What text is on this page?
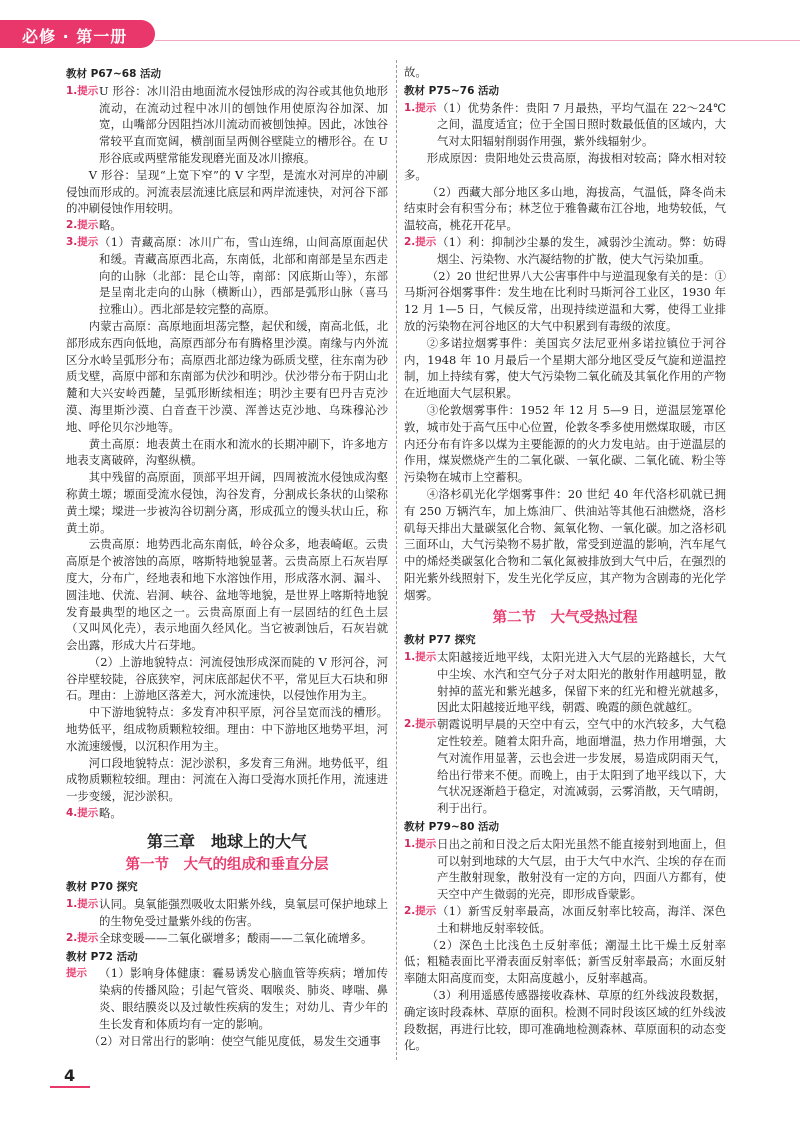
必修 · 第一册
教材 P67~68 活动
1.提示 U 形谷：冰川沿由地面流水侵蚀形成的沟谷或其他负地形流动，在流动过程中冰川的刨蚀作用使原沟谷加深、加宽，山嘴部分因阻挡冰川流动而被刨蚀掉。因此，冰蚀谷常较平直而宽阔，横剖面呈两侧谷壁陡立的槽形谷。在 U 形谷底或两壁常能发现磨光面及冰川擦痕。

V 形谷：呈现“上宽下窄”的 V 字型，是流水对河岸的冲刷侵蚀而形成的。河流表层流速比底层和两岸流速快，对河谷下部的冲刷侵蚀作用较明。

2.提示 略。
3.提示 （1）青藏高原：冰川广布，雪山连绵，山间高原面起伏和缓。青藏高原西北高，东南低，北部和南部是呈东西走向的山脉（北部：昆仑山等，南部：冈底斯山等），东部是呈南北走向的山脉（横断山），西部是弧形山脉（喜马拉雅山）。西北部是较完整的高原。

内蒙古高原：高原地面坦荡完整，起伏和缓，南高北低，北部形成东西向低地，高原西部分布有腾格里沙漠。南缘与内外流区分水岭呈弧形分布；高原西北部边缘为砾质戈壁，往东南为砂质戈壁，高原中部和东南部为伏沙和明沙。伏沙带分布于阴山北麓和大兴安岭西麓，呈弧形断续相连；明沙主要有巴丹吉克沙漠、海里斯沙漠、白音查干沙漠、浑善达克沙地、乌珠穆沁沙地、呼伦贝尔沙地等。

黄土高原：地表黄土在雨水和流水的长期冲刷下，许多地方地表支离破碎，沟壑纵横。

其中残留的高原面，顶部平坦开阔，四周被流水侵蚀成沟壑称黄土塬；塬面受流水侵蚀，沟谷发育，分割成长条状的山梁称黄土墚；墚进一步被沟谷切割分离，形成孤立的馒头状山丘，称黄土峁。

云贵高原：地势西北高东南低，岭谷众多，地表崎岖。云贵高原是个被溶蚀的高原，喀斯特地貌显著。云贵高原上石灰岩厚度大，分布广，经地表和地下水溶蚀作用，形成落水洞、漏斗、圆洼地、伏流、岩洞、峡谷、盆地等地貌，是世界上喀斯特地貌发育最典型的地区之一。云贵高原面上有一层固结的红色土层（又叫风化壳），表示地面久经风化。当它被剥蚀后，石灰岩就会出露，形成大片石芽地。

（2）上游地貌特点：河流侵蚀形成深而陡的 V 形河谷，河谷岸壁较陡，谷底狭窄，河床底部起伏不平，常见巨大石块和卵石。理由：上游地区落差大，河水流速快，以侵蚀作用为主。

中下游地貌特点：多发育冲积平原，河谷呈宽而浅的槽形。地势低平，组成物质颗粒较细。理由：中下游地区地势平坦，河水流速缓慢，以沉积作用为主。

河口段地貌特点：泥沙淤积，多发育三角洲。地势低平，组成物质颗粒较细。理由：河流在入海口受海水顶托作用，流速进一步变缓，泥沙淤积。

4.提示 略。
第三章　地球上的大气
第一节　大气的组成和垂直分层
教材 P70 探究
1.提示 认同。臭氧能强烈吸收太阳紫外线，臭氧层可保护地球上的生物免受过量紫外线的伤害。
2.提示 全球变暖——二氧化碳增多；酸雨——二氧化硫增多。
教材 P72 活动
提示 （1）影响身体健康：霾易诱发心脑血管等疾病；增加传染病的传播风险；引起气管炎、咽喉炎、肺炎、哮喘、鼻炎、眼结膜炎以及过敏性疾病的发生；对幼儿、青少年的生长发育和体质均有一定的影响。

（2）对日常出行的影响：使空气能见度低，易发生交通事

故。

教材 P75~76 活动
1.提示 （1）优势条件：贵阳 7 月最热，平均气温在 22～24℃之间，温度适宜；位于全国日照时数最低值的区域内，大气对太阳辐射削弱作用强，紫外线辐射少。

形成原因：贵阳地处云贵高原，海拔相对较高；降水相对较多。

（2）西藏大部分地区多山地，海拔高，气温低，降冬尚未结束时会有积雪分布；林芝位于雅鲁藏布江谷地，地势较低，气温较高，桃花开花早。

2.提示 （1）利：抑制沙尘暴的发生，减弱沙尘流动。弊：妨碍烟尘、污染物、水汽凝结物的扩散，使大气污染加重。

（2）20 世纪世界八大公害事件中与逆温现象有关的是：①马斯河谷烟雾事件：发生地在比利时马斯河谷工业区，1930 年 12 月 1—5 日，气候反常，出现持续逆温和大雾，使得工业排放的污染物在河谷地区的大气中积累到有毒级的浓度。

②多诺拉烟雾事件：美国宾夕法尼亚州多诺拉镇位于河谷内，1948 年 10 月最后一个星期大部分地区受反气旋和逆温控制，加上持续有雾，使大气污染物二氧化硫及其氧化作用的产物在近地面大气层积累。

③伦敦烟雾事件：1952 年 12 月 5—9 日，逆温层笼罩伦敦，城市处于高气压中心位置，伦敦冬季多使用燃煤取暖，市区内还分布有许多以煤为主要能源的的火力发电站。由于逆温层的作用，煤炭燃烧产生的二氧化碳、一氧化碳、二氧化硫、粉尘等污染物在城市上空蓄积。

④洛杉矶光化学烟雾事件：20 世纪 40 年代洛杉矶就已拥有 250 万辆汽车，加上炼油厂、供油站等其他石油燃烧，洛杉矶每天排出大量碳氢化合物、氮氧化物、一氧化碳。加之洛杉矶三面环山，大气污染物不易扩散，常受到逆温的影响，汽车尾气中的烯烃类碳氢化合物和二氧化氮被排放到大气中后，在强烈的阳光紫外线照射下，发生光化学反应，其产物为含剧毒的光化学烟雾。

第二节　大气受热过程
教材 P77 探究
1.提示 太阳越接近地平线，太阳光进入大气层的光路越长，大气中尘埃、水汽和空气分子对太阳光的散射作用越明显，散射掉的蓝光和紫光越多，保留下来的红光和橙光就越多，因此太阳越接近地平线，朝霞、晚霞的颜色就越红。
2.提示 朝霞说明早晨的天空中有云，空气中的水汽较多，大气稳定性较差。随着太阳升高，地面增温，热力作用增强，大气对流作用显著，云也会进一步发展，易造成阴雨天气，给出行带来不便。而晚上，由于太阳到了地平线以下，大气状况逐渐趋于稳定，对流减弱，云雾消散，天气晴朗，利于出行。
教材 P79~80 活动
1.提示 日出之前和日没之后太阳光虽然不能直接射到地面上，但可以射到地球的大气层，由于大气中水汽、尘埃的存在而产生散射现象，散射没有一定的方向，四面八方都有，使天空中产生微弱的光亮，即形成昏蒙影。
2.提示 （1）新雪反射率最高，冰面反射率比较高，海洋、深色土和耕地反射率较低。

（2）深色土比浅色土反射率低；潮湿土比干燥土反射率低；粗糙表面比平滑表面反射率低；新雪反射率最高；水面反射率随太阳高度而变，太阳高度越小，反射率越高。

（3）利用遥感传感器接收森林、草原的红外线波段数据，确定该时段森林、草原的面积。检测不同时段该区域的红外线波段数据，再进行比较，即可准确地检测森林、草原面积的动态变化。

4
